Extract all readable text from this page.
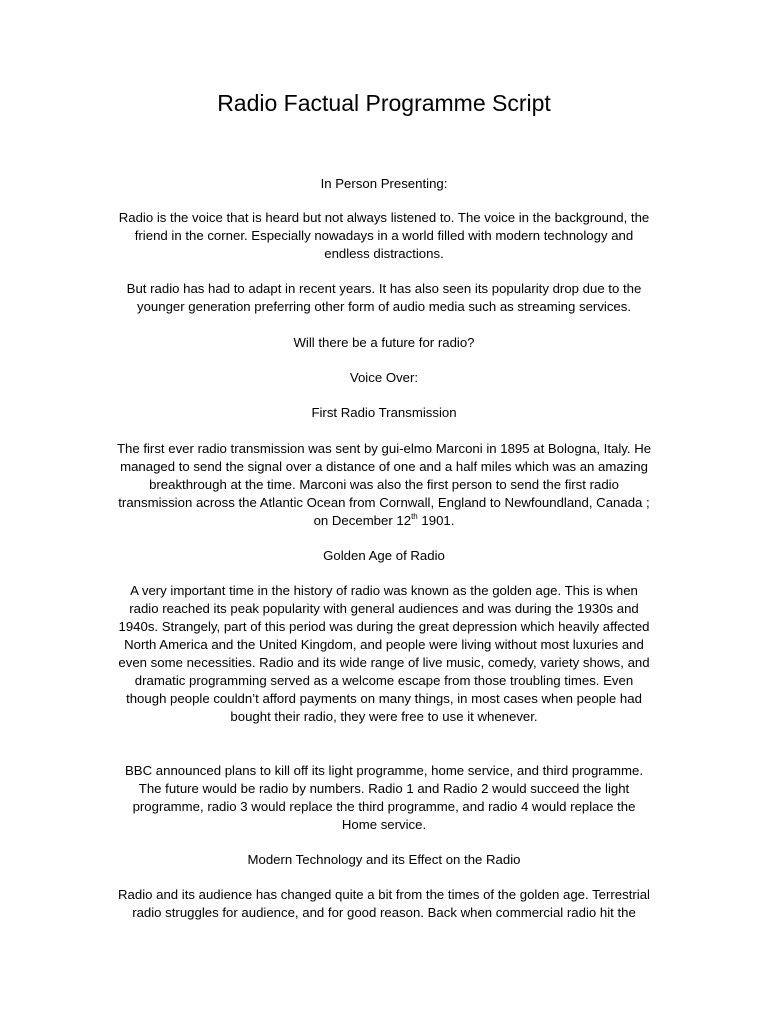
Radio Factual Programme Script
In Person Presenting:
Radio is the voice that is heard but not always listened to. The voice in the background, the
friend in the corner. Especially nowadays in a world filled with modern technology and
endless distractions.
But radio has had to adapt in recent years. It has also seen its popularity drop due to the
younger generation preferring other form of audio media such as streaming services.
Will there be a future for radio?
Voice Over:
First Radio Transmission
The first ever radio transmission was sent by gui-elmo Marconi in 1895 at Bologna, Italy. He
managed to send the signal over a distance of one and a half miles which was an amazing
breakthrough at the time. Marconi was also the first person to send the first radio
transmission across the Atlantic Ocean from Cornwall, England to Newfoundland, Canada ;
on December 12th 1901.
Golden Age of Radio
A very important time in the history of radio was known as the golden age. This is when
radio reached its peak popularity with general audiences and was during the 1930s and
1940s. Strangely, part of this period was during the great depression which heavily affected
North America and the United Kingdom, and people were living without most luxuries and
even some necessities. Radio and its wide range of live music, comedy, variety shows, and
dramatic programming served as a welcome escape from those troubling times. Even
though people couldn’t afford payments on many things, in most cases when people had
bought their radio, they were free to use it whenever.
BBC announced plans to kill off its light programme, home service, and third programme.
The future would be radio by numbers. Radio 1 and Radio 2 would succeed the light
programme, radio 3 would replace the third programme, and radio 4 would replace the
Home service.
Modern Technology and its Effect on the Radio
Radio and its audience has changed quite a bit from the times of the golden age. Terrestrial
radio struggles for audience, and for good reason. Back when commercial radio hit the
